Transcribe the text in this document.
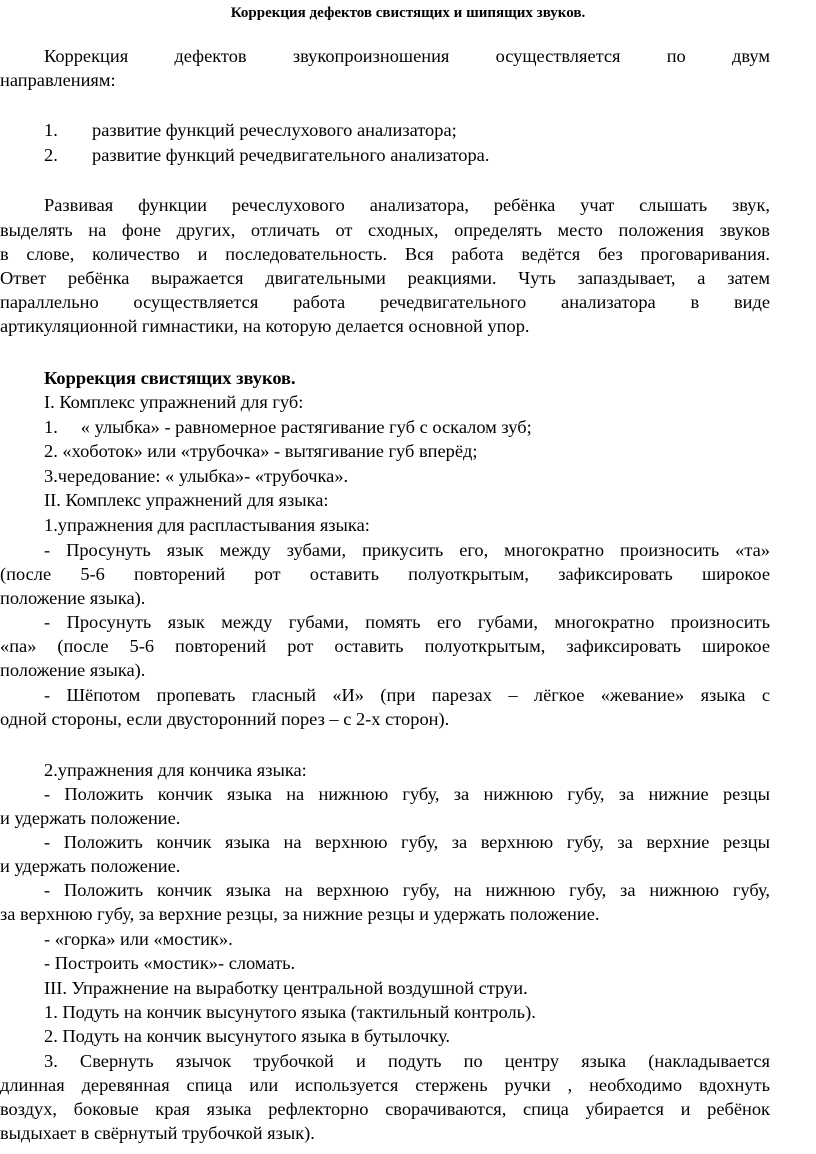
Коррекция дефектов свистящих и шипящих звуков.
Коррекция дефектов звукопроизношения осуществляется по двум
направлениям:
1. развитие функций речеслухового анализатора;
2. развитие функций речедвигательного анализатора.
Развивая функции речеслухового анализатора, ребёнка учат слышать звук,
выделять на фоне других, отличать от сходных, определять место положения звуков
в слове, количество и последовательность. Вся работа ведётся без проговаривания.
Ответ ребёнка выражается двигательными реакциями. Чуть запаздывает, а затем
параллельно осуществляется работа речедвигательного анализатора в виде
артикуляционной гимнастики, на которую делается основной упор.
Коррекция свистящих звуков.
I. Комплекс упражнений для губ:
1.     « улыбка» - равномерное растягивание губ с оскалом зуб;
2. «хоботок» или «трубочка» - вытягивание губ вперёд;
3.чередование: « улыбка»- «трубочка».
II. Комплекс упражнений для языка:
1.упражнения для распластывания языка:
- Просунуть язык между зубами, прикусить его, многократно произносить «та»
(после 5-6 повторений рот оставить полуоткрытым, зафиксировать широкое
положение языка).
- Просунуть язык между губами, помять его губами, многократно произносить
«па» (после 5-6 повторений рот оставить полуоткрытым, зафиксировать широкое
положение языка).
- Шёпотом пропевать гласный «И» (при парезах – лёгкое «жевание» языка с
одной стороны, если двусторонний порез – с 2-х сторон).
2.упражнения для кончика языка:
- Положить кончик языка на нижнюю губу, за нижнюю губу, за нижние резцы
и удержать положение.
- Положить кончик языка на верхнюю губу, за верхнюю губу, за верхние резцы
и удержать положение.
- Положить кончик языка на верхнюю губу, на нижнюю губу, за нижнюю губу,
за верхнюю губу, за верхние резцы, за нижние резцы и удержать положение.
- «горка» или «мостик».
- Построить «мостик»- сломать.
III. Упражнение на выработку центральной воздушной струи.
1. Подуть на кончик высунутого языка (тактильный контроль).
2. Подуть на кончик высунутого языка в бутылочку.
3. Свернуть язычок трубочкой и подуть по центру языка (накладывается
длинная деревянная спица или используется стержень ручки , необходимо вдохнуть
воздух, боковые края языка рефлекторно сворачиваются, спица убирается и ребёнок
выдыхает в свёрнутый трубочкой язык).
